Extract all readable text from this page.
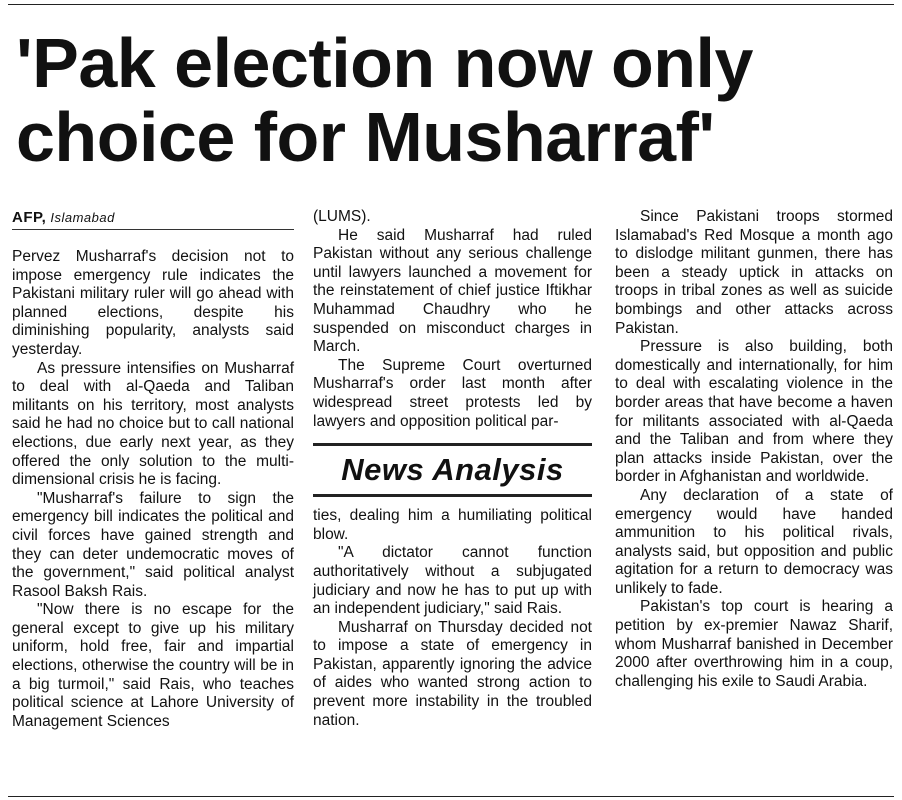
'Pak election now only
choice for Musharraf'
AFP, Islamabad

Pervez Musharraf's decision not to impose emergency rule indicates the Pakistani military ruler will go ahead with planned elections, despite his diminishing popularity, analysts said yesterday.

As pressure intensifies on Musharraf to deal with al-Qaeda and Taliban militants on his territory, most analysts said he had no choice but to call national elections, due early next year, as they offered the only solution to the multi-dimensional crisis he is facing.

"Musharraf's failure to sign the emergency bill indicates the political and civil forces have gained strength and they can deter undemocratic moves of the government," said political analyst Rasool Baksh Rais.

"Now there is no escape for the general except to give up his military uniform, hold free, fair and impartial elections, otherwise the country will be in a big turmoil," said Rais, who teaches political science at Lahore University of Management Sciences

(LUMS).

He said Musharraf had ruled Pakistan without any serious challenge until lawyers launched a movement for the reinstatement of chief justice Iftikhar Muhammad Chaudhry who he suspended on misconduct charges in March.

The Supreme Court overturned Musharraf's order last month after widespread street protests led by lawyers and opposition political par-

News Analysis

ties, dealing him a humiliating political blow.

"A dictator cannot function authoritatively without a subjugated judiciary and now he has to put up with an independent judiciary," said Rais.

Musharraf on Thursday decided not to impose a state of emergency in Pakistan, apparently ignoring the advice of aides who wanted strong action to prevent more instability in the troubled nation.

Since Pakistani troops stormed Islamabad's Red Mosque a month ago to dislodge militant gunmen, there has been a steady uptick in attacks on troops in tribal zones as well as suicide bombings and other attacks across Pakistan.

Pressure is also building, both domestically and internationally, for him to deal with escalating violence in the border areas that have become a haven for militants associated with al-Qaeda and the Taliban and from where they plan attacks inside Pakistan, over the border in Afghanistan and worldwide.

Any declaration of a state of emergency would have handed ammunition to his political rivals, analysts said, but opposition and public agitation for a return to democracy was unlikely to fade.

Pakistan's top court is hearing a petition by ex-premier Nawaz Sharif, whom Musharraf banished in December 2000 after overthrowing him in a coup, challenging his exile to Saudi Arabia.
